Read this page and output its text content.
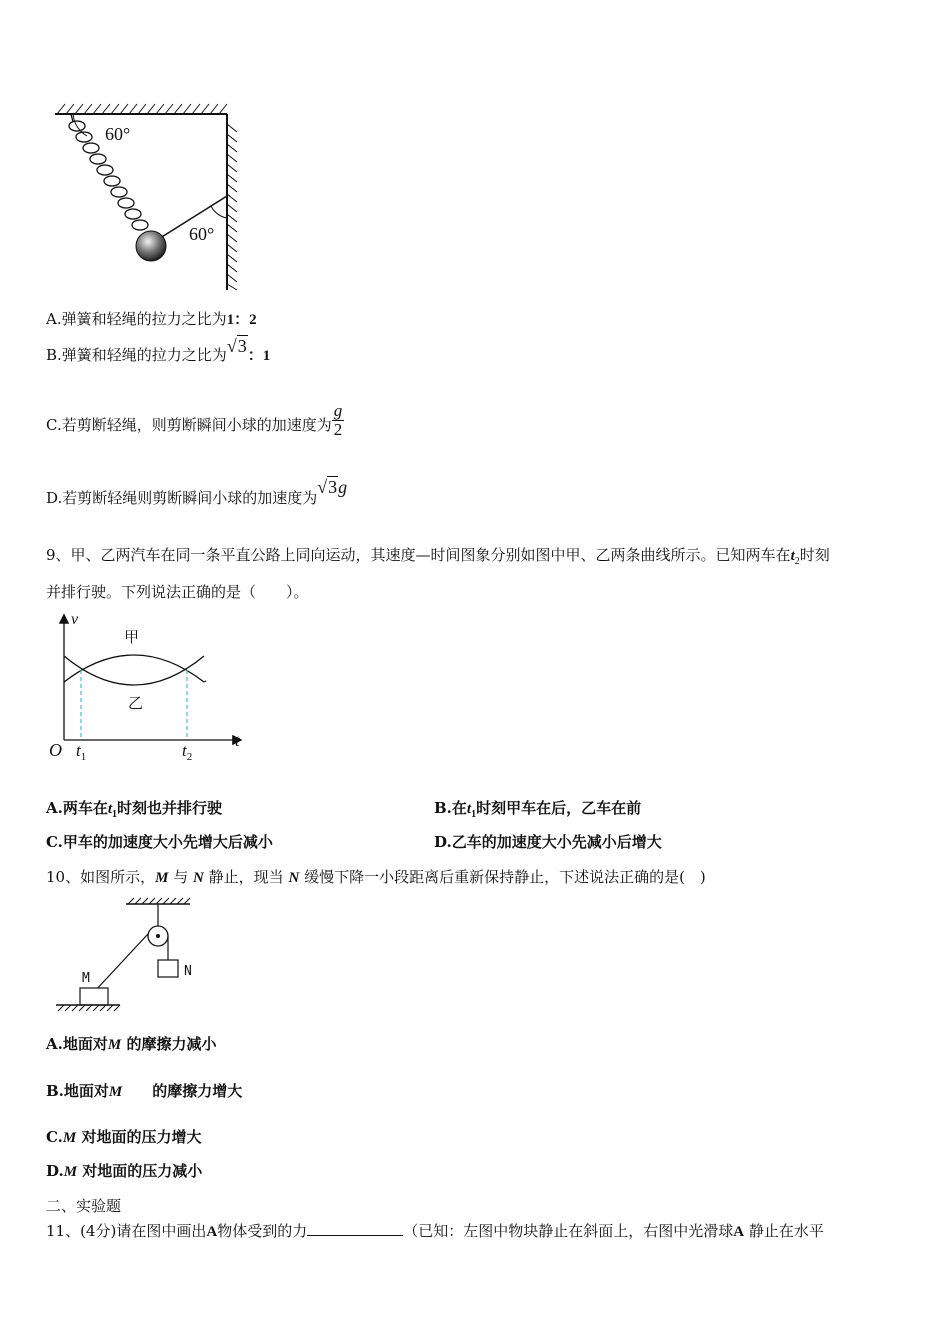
60°
60°
A.弹簧和轻绳的拉力之比为1：2
B.弹簧和轻绳的拉力之比为√3：1
C.若剪断轻绳，则剪断瞬间小球的加速度为 $\frac{g}{2}$
D.若剪断轻绳则剪断瞬间小球的加速度为√3g
9、甲、乙两汽车在同一条平直公路上同向运动，其速度—时间图象分别如图中甲、乙两条曲线所示。已知两车在$t_2$时刻
并排行驶。下列说法正确的是（　　）。
v
t
O $t_1$	$t_2$
甲
乙
A.两车在$t_1$时刻也并排行驶	B.在$t_1$时刻甲车在后，乙车在前
C.甲车的加速度大小先增大后减小	D.乙车的加速度大小先减小后增大
10、如图所示，M 与 N 静止，现当 N 缓慢下降一小段距离后重新保持静止，下述说法正确的是(　)
N
M
A.地面对M 的摩擦力减小
B.地面对M 的摩擦力增大
C.M 对地面的压力增大
D.M 对地面的压力减小
二、实验题
11、(4分)请在图中画出A物体受到的力	（已知：左图中物块静止在斜面上，右图中光滑球A 静止在水平
